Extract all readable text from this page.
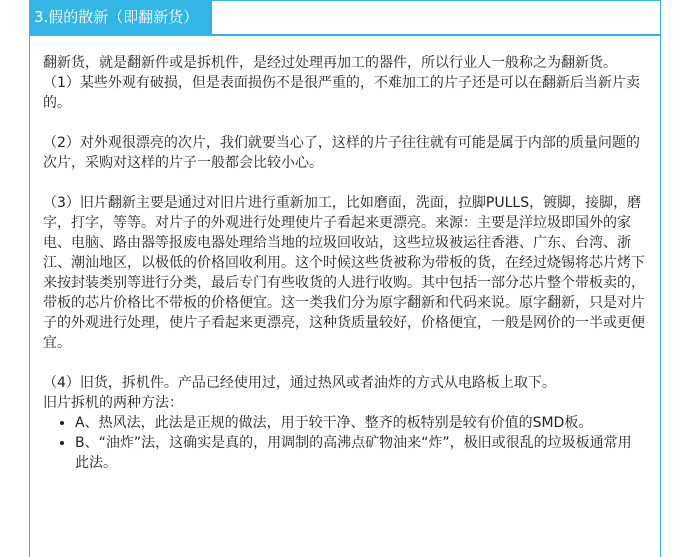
3.假的散新（即翻新货）

翻新货，就是翻新件或是拆机件，是经过处理再加工的器件，所以行业人一般称之为翻新货。

（1）某些外观有破损，但是表面损伤不是很严重的，不难加工的片子还是可以在翻新后当新片卖的。

（2）对外观很漂亮的次片，我们就要当心了，这样的片子往往就有可能是属于内部的质量问题的次片，采购对这样的片子一般都会比较小心。

（3）旧片翻新主要是通过对旧片进行重新加工，比如磨面，洗面，拉脚PULLS，镀脚，接脚，磨字，打字，等等。对片子的外观进行处理使片子看起来更漂亮。来源：主要是洋垃圾即国外的家电、电脑、路由器等报废电器处理给当地的垃圾回收站，这些垃圾被运往香港、广东、台湾、浙江、潮汕地区，以极低的价格回收利用。这个时候这些货被称为带板的货，在经过烧锡将芯片烤下来按封装类别等进行分类，最后专门有些收货的人进行收购。其中包括一部分芯片整个带板卖的，带板的芯片价格比不带板的价格便宜。这一类我们分为原字翻新和代码来说。原字翻新，只是对片子的外观进行处理，使片子看起来更漂亮，这种货质量较好，价格便宜，一般是网价的一半或更便宜。

（4）旧货，拆机件。产品已经使用过，通过热风或者油炸的方式从电路板上取下。

旧片拆机的两种方法：

• A、热风法，此法是正规的做法，用于较干净、整齐的板特别是较有价值的SMD板。
• B、“油炸”法，这确实是真的，用调制的高沸点矿物油来“炸”，极旧或很乱的垃圾板通常用此法。
